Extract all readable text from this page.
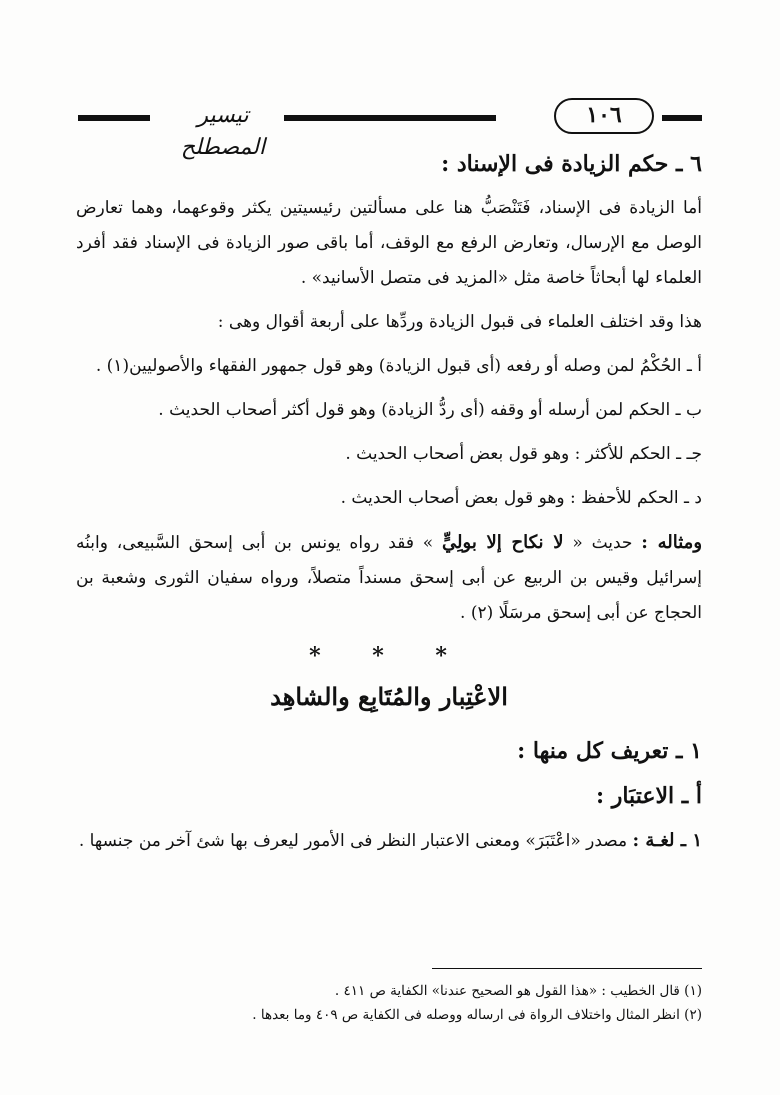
١٠٦
تيسير المصطلح
٦ ـ حكم الزيادة فى الإسناد :

أما الزيادة فى الإسناد، فَتَنْصَبُّ هنا على مسألتين رئيسيتين يكثر وقوعهما، وهما تعارض الوصل مع الإرسال، وتعارض الرفع مع الوقف، أما باقى صور الزيادة فى الإسناد فقد أفرد العلماء لها أبحاثاً خاصة مثل «المزيد فى متصل الأسانيد» .

هذا وقد اختلف العلماء فى قبول الزيادة وردِّها على أربعة أقوال وهى :

أ ـ الحُكْمُ لمن وصله أو رفعه (أى قبول الزيادة) وهو قول جمهور الفقهاء والأصوليين(١) .

ب ـ الحكم لمن أرسله أو وقفه (أى ردُّ الزيادة) وهو قول أكثر أصحاب الحديث .

جـ ـ الحكم للأكثر : وهو قول بعض أصحاب الحديث .

د ـ الحكم للأحفظ : وهو قول بعض أصحاب الحديث .

ومثاله : حديث « لا نكاح إلا بولِيٍّ » فقد رواه يونس بن أبى إسحق السَّبيعى، وابنُه إسرائيل وقيس بن الربيع عن أبى إسحق مسنداً متصلاً، ورواه سفيان الثورى وشعبة بن الحجاج عن أبى إسحق مرسَلًا (٢) .

* * *
الاعْتِبار والمُتَابِع والشاهِد
١ ـ تعريف كل منها :
أ ـ الاعتبَار :

١ ـ لغـة : مصدر «اعْتَبَرَ» ومعنى الاعتبار النظر فى الأمور ليعرف بها شئ آخر من جنسها .

(١) قال الخطيب : «هذا القول هو الصحيح عندنا» الكفاية ص ٤١١ .

(٢) انظر المثال واختلاف الرواة فى ارساله ووصله فى الكفاية ص ٤٠٩ وما بعدها .
